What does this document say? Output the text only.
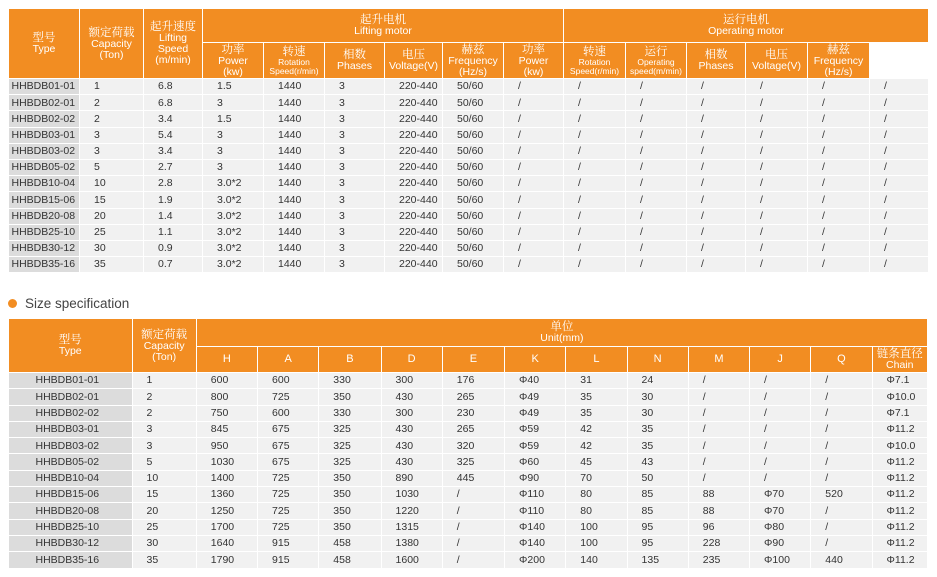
型号
Type	额定荷载
Capacity
(Ton)	起升速度
Lifting
Speed
(m/min)	起升电机
Lifting motor						运行电机
Operating motor

			功率
Power
(kw)	转速
Rotation
Speed(r/min)	相数
Phases	电压
Voltage(V)	赫兹
Frequency
(Hz/s)	功率
Power
(kw)	转速
Rotation
Speed(r/min)	运行
Operating
speed(m/min)	相数
Phases	电压
Voltage(V)	赫兹
Frequency
(Hz/s)		

HHBDB01-01	1	6.8	1.5	1440	3	220-440	50/60	/	/	/	/	/	/	/	
HHBDB02-01	2	6.8	3	1440	3	220-440	50/60	/	/	/	/	/	/	/	
HHBDB02-02	2	3.4	1.5	1440	3	220-440	50/60	/	/	/	/	/	/	/	
HHBDB03-01	3	5.4	3	1440	3	220-440	50/60	/	/	/	/	/	/	/	
HHBDB03-02	3	3.4	3	1440	3	220-440	50/60	/	/	/	/	/	/	/	
HHBDB05-02	5	2.7	3	1440	3	220-440	50/60	/	/	/	/	/	/	/	
HHBDB10-04	10	2.8	3.0*2	1440	3	220-440	50/60	/	/	/	/	/	/	/	
HHBDB15-06	15	1.9	3.0*2	1440	3	220-440	50/60	/	/	/	/	/	/	/	
HHBDB20-08	20	1.4	3.0*2	1440	3	220-440	50/60	/	/	/	/	/	/	/	
HHBDB25-10	25	1.1	3.0*2	1440	3	220-440	50/60	/	/	/	/	/	/	/	
HHBDB30-12	30	0.9	3.0*2	1440	3	220-440	50/60	/	/	/	/	/	/	/	
HHBDB35-16	35	0.7	3.0*2	1440	3	220-440	50/60	/	/	/	/	/	/	/	
Size specification
型号
Type	额定荷载
Capacity
(Ton)	单位
Unit(mm)											

		H	A	B	D	E	K	L	N	M	J	Q	链条直径
Chain

HHBDB01-01	1	600	600	330	300	176	Φ40	31	24	/	/	/	Φ7.1
HHBDB02-01	2	800	725	350	430	265	Φ49	35	30	/	/	/	Φ10.0
HHBDB02-02	2	750	600	330	300	230	Φ49	35	30	/	/	/	Φ7.1
HHBDB03-01	3	845	675	325	430	265	Φ59	42	35	/	/	/	Φ11.2
HHBDB03-02	3	950	675	325	430	320	Φ59	42	35	/	/	/	Φ10.0
HHBDB05-02	5	1030	675	325	430	325	Φ60	45	43	/	/	/	Φ11.2
HHBDB10-04	10	1400	725	350	890	445	Φ90	70	50	/	/	/	Φ11.2
HHBDB15-06	15	1360	725	350	1030	/	Φ110	80	85	88	Φ70	520	Φ11.2
HHBDB20-08	20	1250	725	350	1220	/	Φ110	80	85	88	Φ70	/	Φ11.2
HHBDB25-10	25	1700	725	350	1315	/	Φ140	100	95	96	Φ80	/	Φ11.2
HHBDB30-12	30	1640	915	458	1380	/	Φ140	100	95	228	Φ90	/	Φ11.2
HHBDB35-16	35	1790	915	458	1600	/	Φ200	140	135	235	Φ100	440	Φ11.2
